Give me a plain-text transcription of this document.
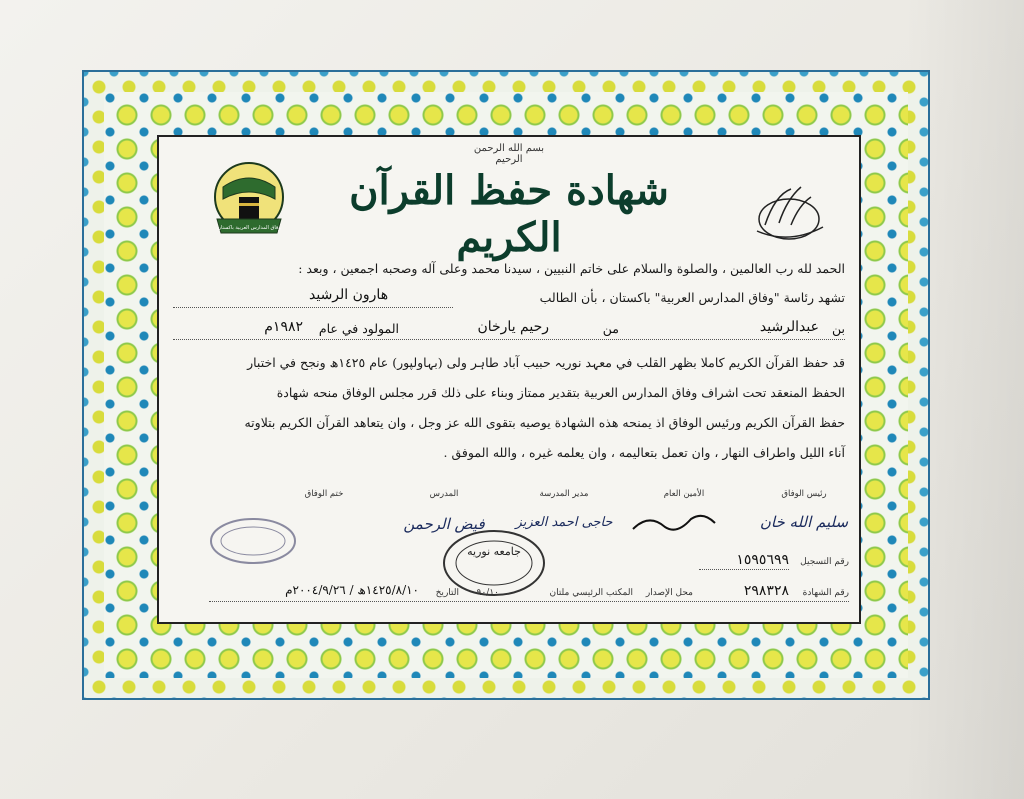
بسم الله الرحمن الرحيم
وفاق المدارس العربية باكستان
شهادة حفظ القرآن الكريم
الحمد لله رب العالمين ، والصلوة والسلام على خاتم النبيين ، سيدنا محمد وعلى آله وصحبه اجمعين ، وبعد :
تشهد رئاسة "وفاق المدارس العربية" باكستان ، بأن الطالب
هارون الرشيد
بن
عبدالرشيد
من
رحيم يارخان
المولود في عام
١٩٨٢م
قد حفظ القرآن الكريم كاملا بظهر القلب في معہد نوریہ حبیب آباد طاہر ولی (بہاولپور) عام ١٤٢٥ھ ونجح في اختبار
الحفظ المنعقد تحت اشراف وفاق المدارس العربية بتقدير ممتاز وبناء على ذلك قرر مجلس الوفاق منحه شهادة
حفظ القرآن الكريم ورئيس الوفاق اذ يمنحه هذه الشهادة يوصيه بتقوى الله عز وجل ، وان يتعاهد القرآن الكريم بتلاوته
آناء الليل واطراف النهار ، وان تعمل بتعاليمه ، وان يعلمه غيره ، والله الموفق .
رئيس الوفاق
الأمين العام
مدير المدرسة
المدرس
ختم الوفاق
سليم الله خان
حاجی احمد العزیز
فیض الرحمن
جامعه نوریه
رقم التسجيل
١٥٩٥٦٩٩
رقم الشهادة
٢٩٨٣٢٨
محل الإصدار
المكتب الرئيسي ملتان
٩٠/١٠
التاريخ
١٤٢٥/٨/١٠ھ / ٢٠٠٤/٩/٢٦م
